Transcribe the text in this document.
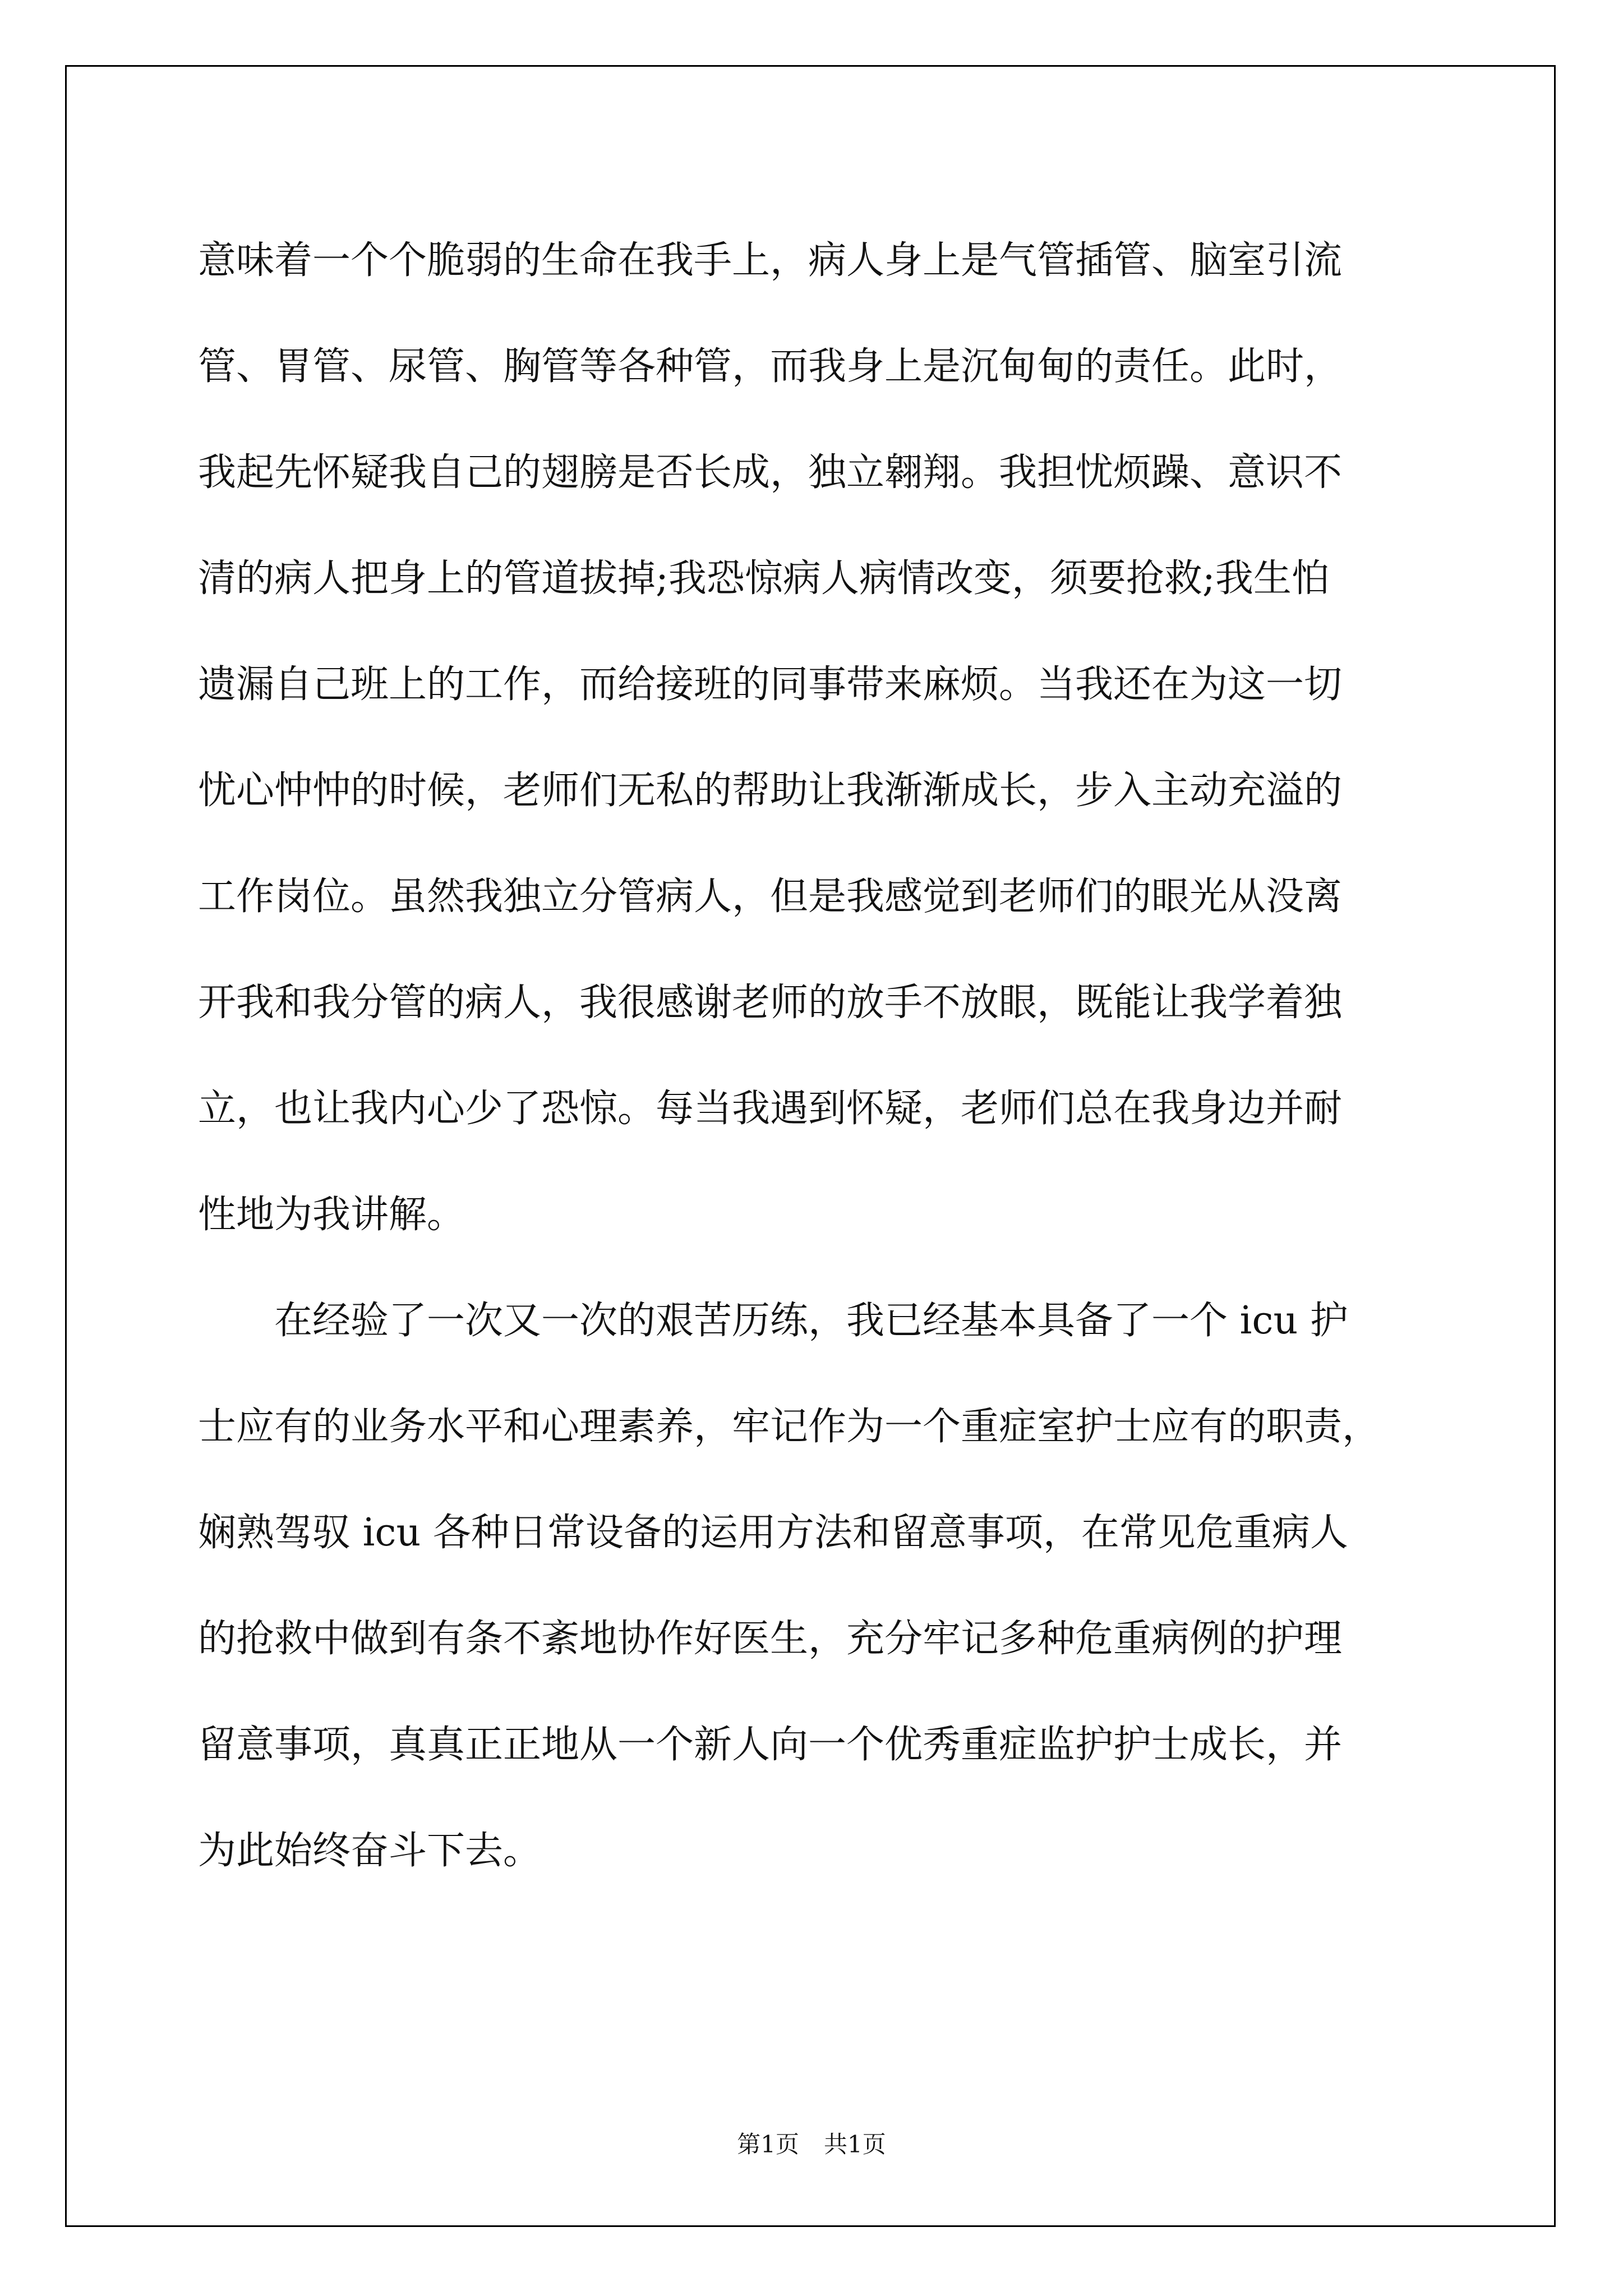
意味着一个个脆弱的生命在我手上，病人身上是气管插管、脑室引流
管、胃管、尿管、胸管等各种管，而我身上是沉甸甸的责任。此时，
我起先怀疑我自己的翅膀是否长成，独立翱翔。我担忧烦躁、意识不
清的病人把身上的管道拔掉;我恐惊病人病情改变，须要抢救;我生怕
遗漏自己班上的工作，而给接班的同事带来麻烦。当我还在为这一切
忧心忡忡的时候，老师们无私的帮助让我渐渐成长，步入主动充溢的
工作岗位。虽然我独立分管病人，但是我感觉到老师们的眼光从没离
开我和我分管的病人，我很感谢老师的放手不放眼，既能让我学着独
立，也让我内心少了恐惊。每当我遇到怀疑，老师们总在我身边并耐
性地为我讲解。
　　在经验了一次又一次的艰苦历练，我已经基本具备了一个 icu 护
士应有的业务水平和心理素养，牢记作为一个重症室护士应有的职责，
娴熟驾驭 icu 各种日常设备的运用方法和留意事项，在常见危重病人
的抢救中做到有条不紊地协作好医生，充分牢记多种危重病例的护理
留意事项，真真正正地从一个新人向一个优秀重症监护护士成长，并
为此始终奋斗下去。
第1页 共1页
